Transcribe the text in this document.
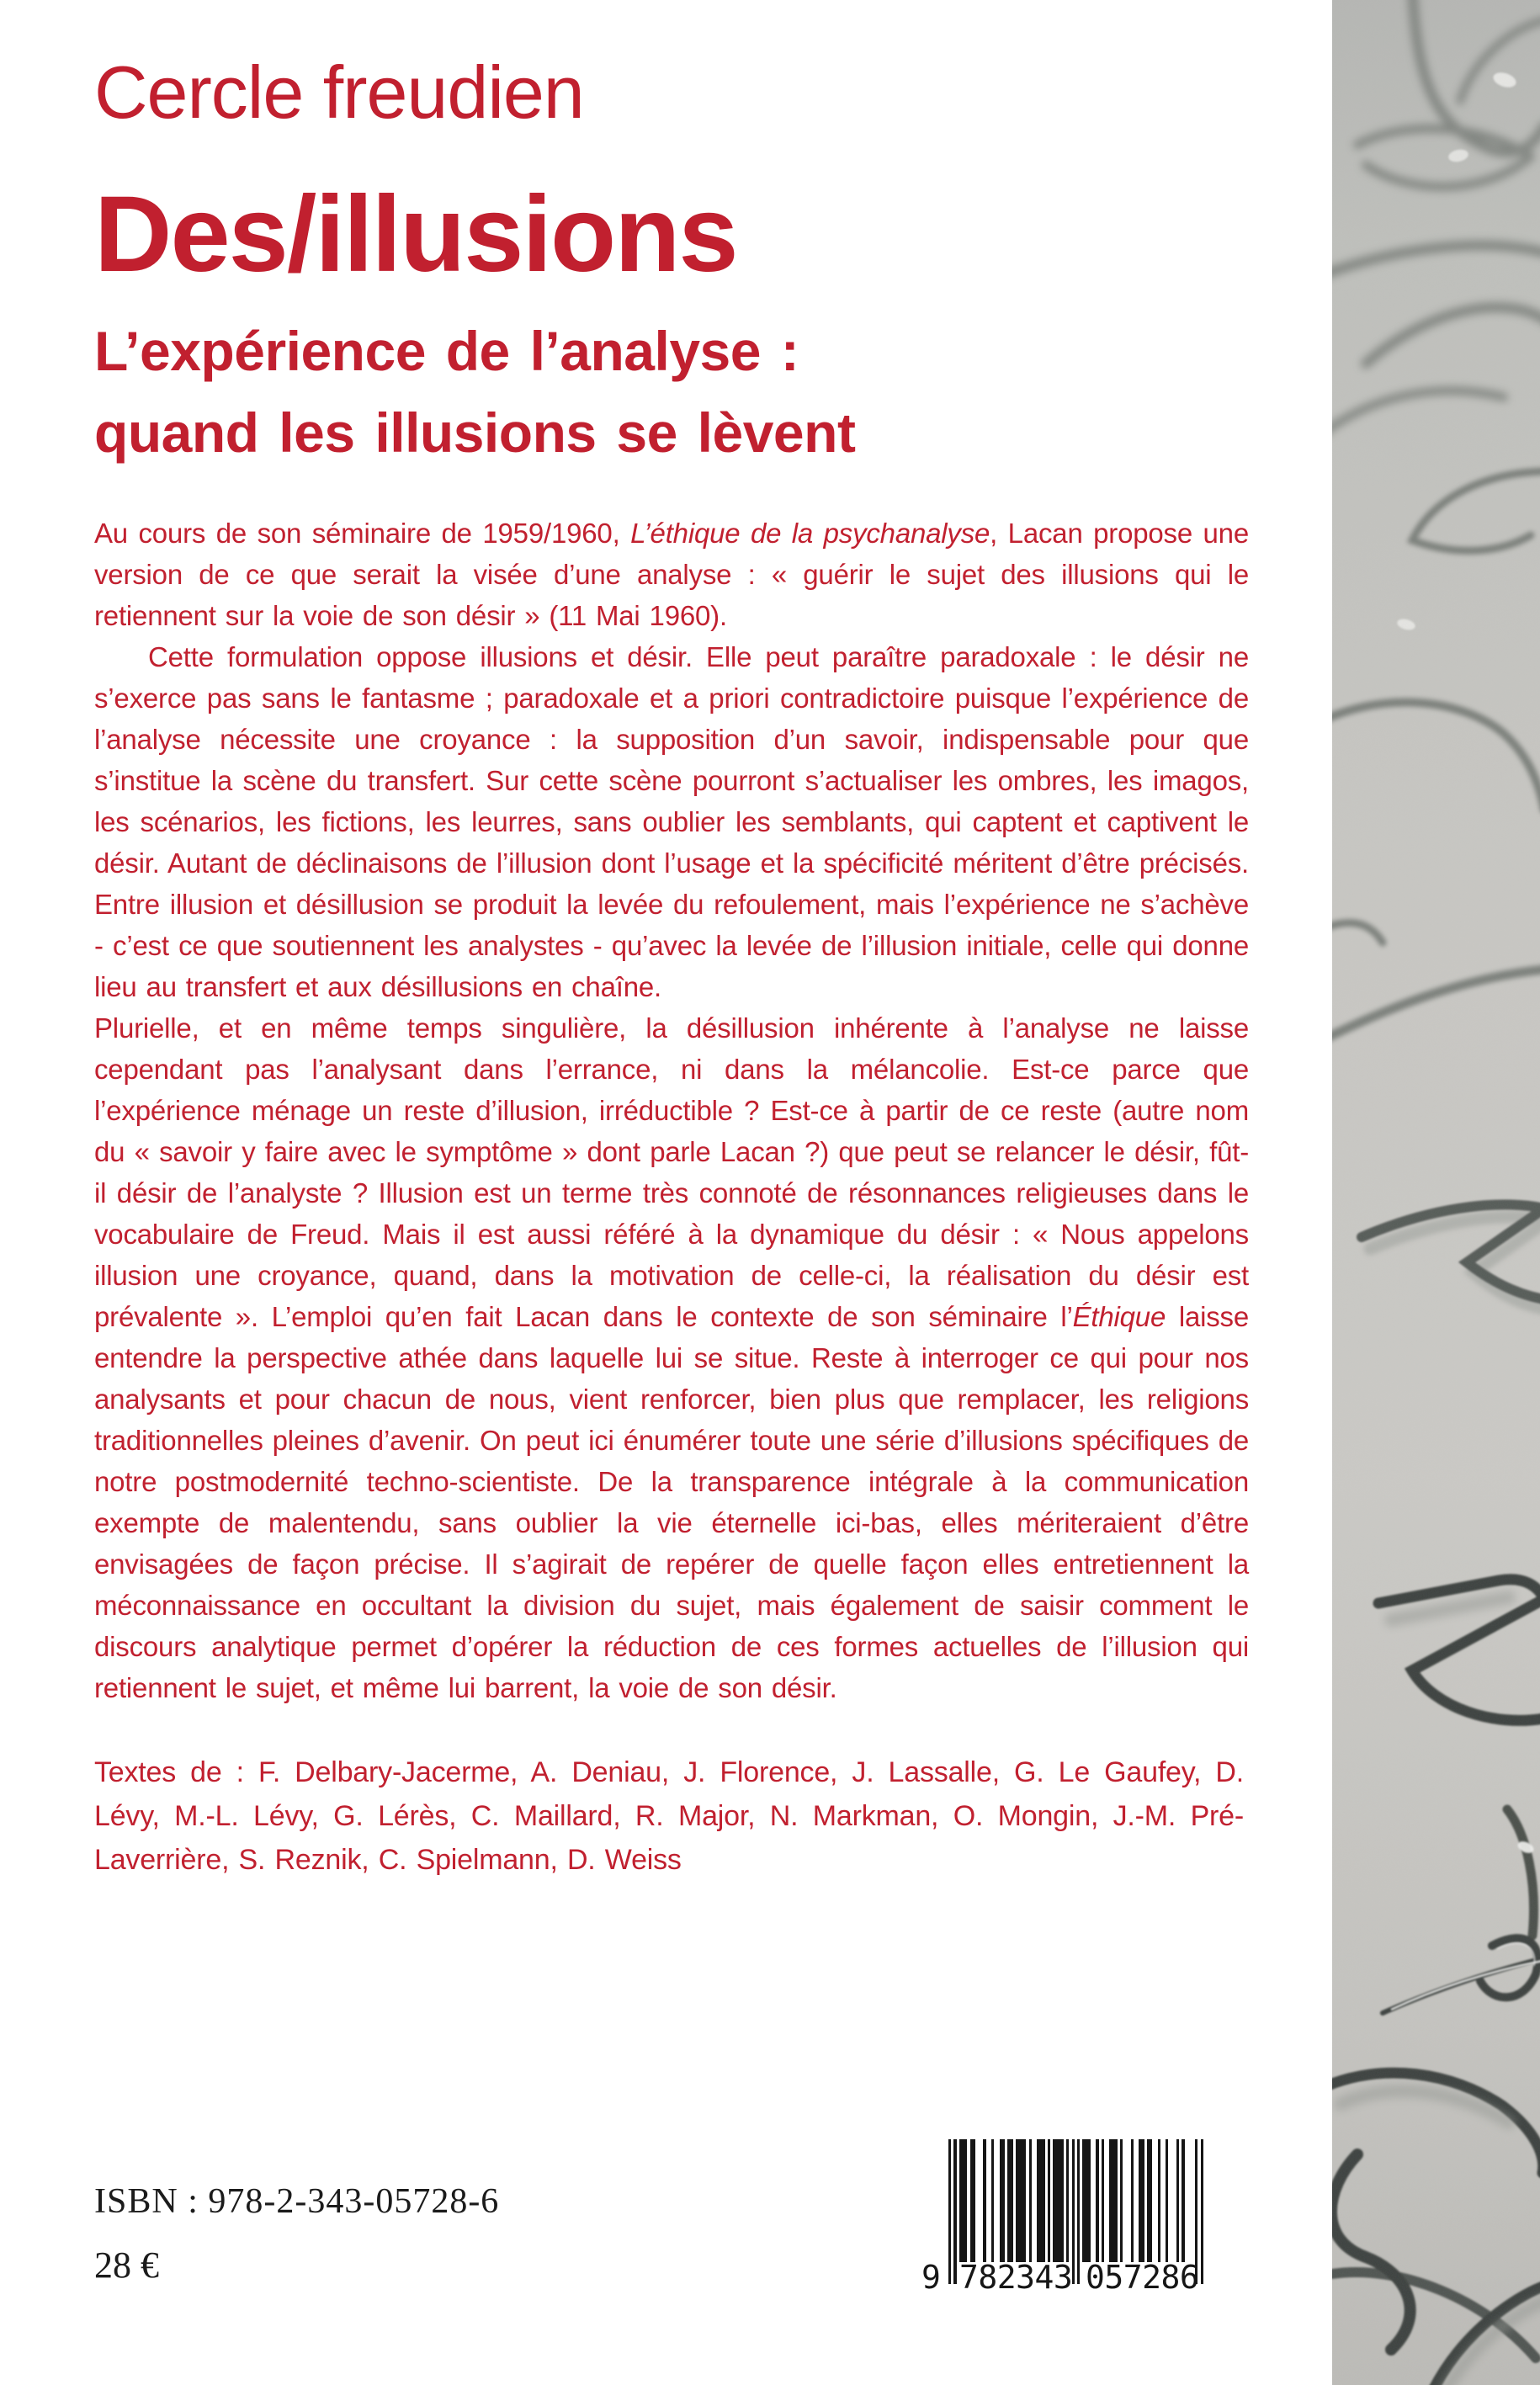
Cercle freudien
Des/illusions
L’expérience de l’analyse :
quand les illusions se lèvent

Au cours de son séminaire de 1959/1960, L’éthique de la psychanalyse, Lacan propose une version de ce que serait la visée d’une analyse : « guérir le sujet des illusions qui le retiennent sur la voie de son désir » (11 Mai 1960).

Cette formulation oppose illusions et désir. Elle peut paraître paradoxale : le désir ne s’exerce pas sans le fantasme ; paradoxale et a priori contradictoire puisque l’expérience de l’analyse nécessite une croyance : la supposition d’un savoir, indispensable pour que s’institue la scène du transfert. Sur cette scène pourront s’actualiser les ombres, les imagos, les scénarios, les fictions, les leurres, sans oublier les semblants, qui captent et captivent le désir. Autant de déclinaisons de l’illusion dont l’usage et la spécificité méritent d’être précisés. Entre illusion et désillusion se produit la levée du refoulement, mais l’expérience ne s’achève - c’est ce que soutiennent les analystes - qu’avec la levée de l’illusion initiale, celle qui donne lieu au transfert et aux désillusions en chaîne.

Plurielle, et en même temps singulière, la désillusion inhérente à l’analyse ne laisse cependant pas l’analysant dans l’errance, ni dans la mélancolie. Est-ce parce que l’expérience ménage un reste d’illusion, irréductible ? Est-ce à partir de ce reste (autre nom du « savoir y faire avec le symptôme » dont parle Lacan ?) que peut se relancer le désir, fût-il désir de l’analyste ? Illusion est un terme très connoté de résonnances religieuses dans le vocabulaire de Freud. Mais il est aussi référé à la dynamique du désir : « Nous appelons illusion une croyance, quand, dans la motivation de celle-ci, la réalisation du désir est prévalente ». L’emploi qu’en fait Lacan dans le contexte de son séminaire l’Éthique laisse entendre la perspective athée dans laquelle lui se situe. Reste à interroger ce qui pour nos analysants et pour chacun de nous, vient renforcer, bien plus que remplacer, les religions traditionnelles pleines d’avenir. On peut ici énumérer toute une série d’illusions spécifiques de notre postmodernité techno-scientiste. De la transparence intégrale à la communication exempte de malentendu, sans oublier la vie éternelle ici-bas, elles mériteraient d’être envisagées de façon précise. Il s’agirait de repérer de quelle façon elles entretiennent la méconnaissance en occultant la division du sujet, mais également de saisir comment le discours analytique permet d’opérer la réduction de ces formes actuelles de l’illusion qui retiennent le sujet, et même lui barrent, la voie de son désir.

Textes de : F. Delbary-Jacerme, A. Deniau, J. Florence, J. Lassalle, G. Le Gaufey, D. Lévy, M.-L. Lévy, G. Lérès, C. Maillard, R. Major, N. Markman, O. Mongin, J.-M. Pré-Laverrière, S. Reznik, C. Spielmann, D. Weiss

ISBN : 978-2-343-05728-6
28 €	9 782343 057286
